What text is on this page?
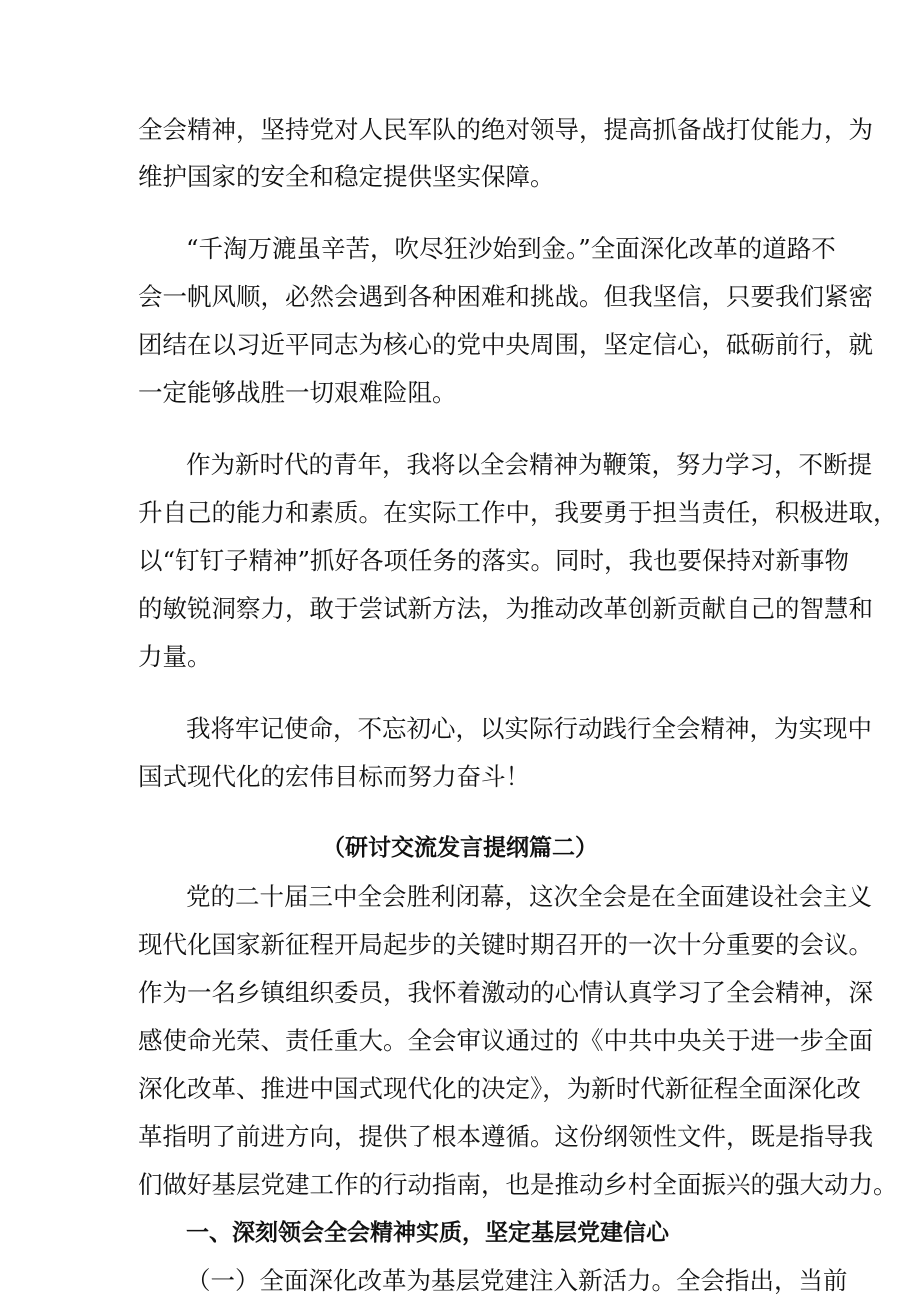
全会精神，坚持党对人民军队的绝对领导，提高抓备战打仗能力，为
维护国家的安全和稳定提供坚实保障。
“千淘万漉虽辛苦，吹尽狂沙始到金。”全面深化改革的道路不
会一帆风顺，必然会遇到各种困难和挑战。但我坚信，只要我们紧密
团结在以习近平同志为核心的党中央周围，坚定信心，砥砺前行，就
一定能够战胜一切艰难险阻。
作为新时代的青年，我将以全会精神为鞭策，努力学习，不断提
升自己的能力和素质。在实际工作中，我要勇于担当责任，积极进取，
以“钉钉子精神”抓好各项任务的落实。同时，我也要保持对新事物
的敏锐洞察力，敢于尝试新方法，为推动改革创新贡献自己的智慧和
力量。
我将牢记使命，不忘初心，以实际行动践行全会精神，为实现中
国式现代化的宏伟目标而努力奋斗！
（研讨交流发言提纲篇二）
党的二十届三中全会胜利闭幕，这次全会是在全面建设社会主义
现代化国家新征程开局起步的关键时期召开的一次十分重要的会议。
作为一名乡镇组织委员，我怀着激动的心情认真学习了全会精神，深
感使命光荣、责任重大。全会审议通过的《中共中央关于进一步全面
深化改革、推进中国式现代化的决定》，为新时代新征程全面深化改
革指明了前进方向，提供了根本遵循。这份纲领性文件，既是指导我
们做好基层党建工作的行动指南，也是推动乡村全面振兴的强大动力。
一、深刻领会全会精神实质，坚定基层党建信心
（一）全面深化改革为基层党建注入新活力。全会指出，当前
